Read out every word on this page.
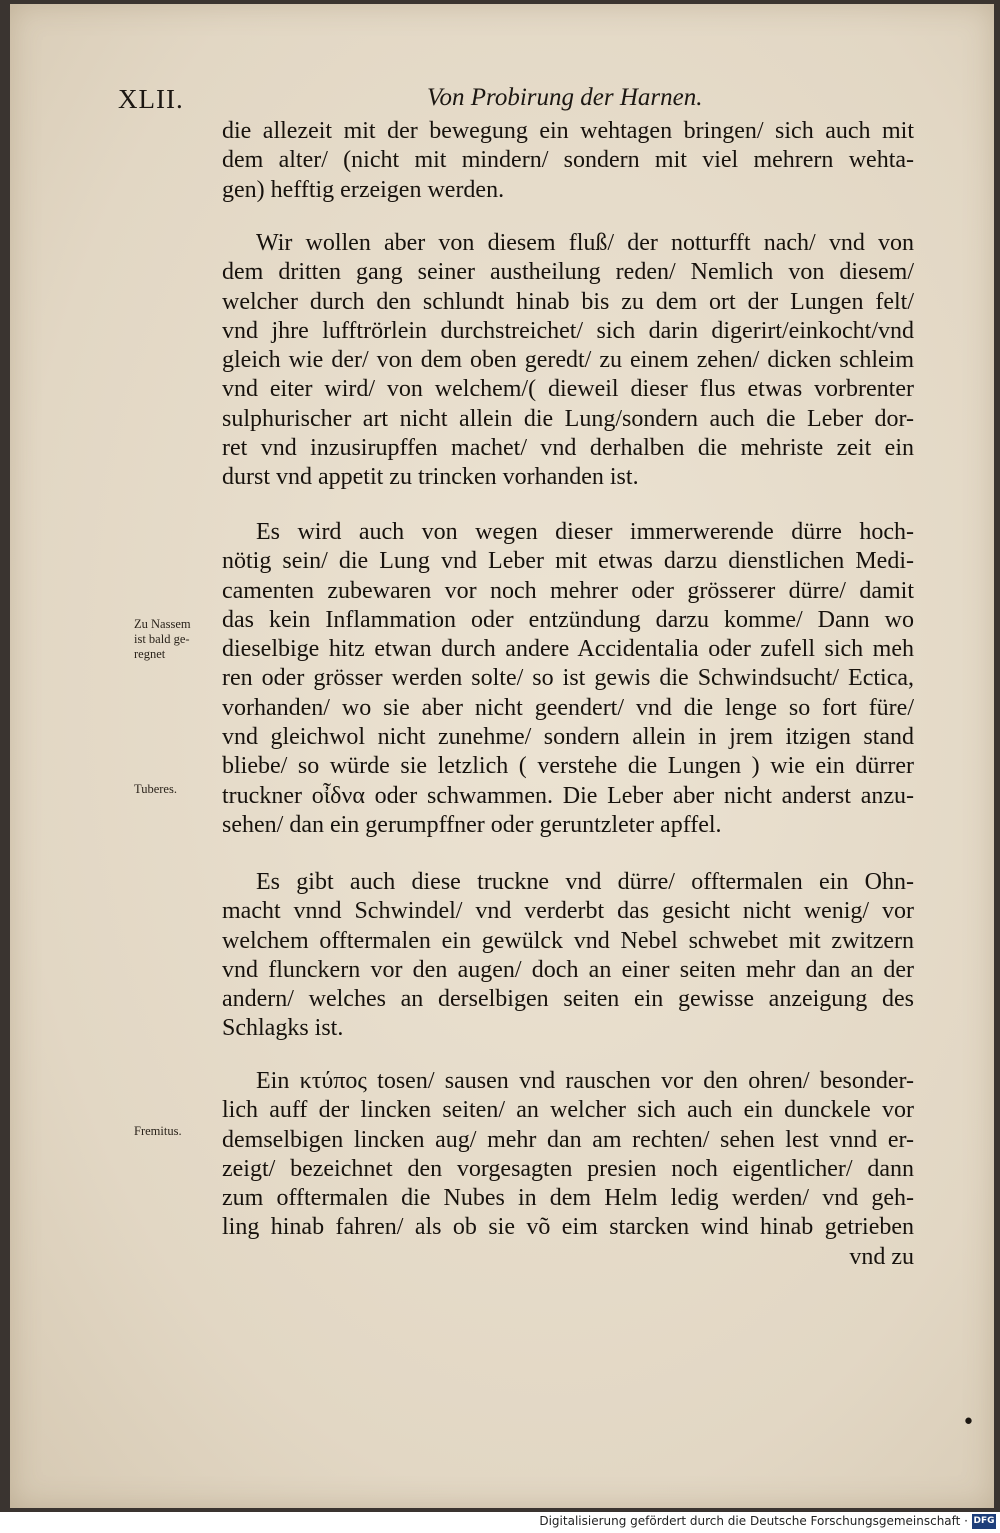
XLII.	Von Probirung der Harnen.
die allezeit mit der bewegung ein wehtagen bringen/ sich auch mit
dem alter/ (nicht mit mindern/ sondern mit viel mehrern wehta-
gen) hefftig erzeigen werden.
Wir wollen aber von diesem fluß/ der notturfft nach/ vnd von
dem dritten gang seiner austheilung reden/ Nemlich von diesem/
welcher durch den schlundt hinab bis zu dem ort der Lungen felt/
vnd jhre lufftrörlein durchstreichet/ sich darin digerirt/einkocht/vnd
gleich wie der/ von dem oben geredt/ zu einem zehen/ dicken schleim
vnd eiter wird/ von welchem/( dieweil dieser flus etwas vorbrenter
sulphurischer art nicht allein die Lung/sondern auch die Leber dor-
ret vnd inzusirupffen machet/ vnd derhalben die mehriste zeit ein
durst vnd appetit zu trincken vorhanden ist.
Es wird auch von wegen dieser immerwerende dürre hoch-
nötig sein/ die Lung vnd Leber mit etwas darzu dienstlichen Medi-
camenten zubewaren vor noch mehrer oder grösserer dürre/ damit
das kein Inflammation oder entzündung darzu komme/ Dann wo
dieselbige hitz etwan durch andere Accidentalia oder zufell sich meh
ren oder grösser werden solte/ so ist gewis die Schwindsucht/ Ectica,
vorhanden/ wo sie aber nicht geendert/ vnd die lenge so fort füre/
vnd gleichwol nicht zunehme/ sondern allein in jrem itzigen stand
bliebe/ so würde sie letzlich ( verstehe die Lungen ) wie ein dürrer
truckner οἶδνα oder schwammen. Die Leber aber nicht anderst anzu-
sehen/ dan ein gerumpffner oder geruntzleter apffel.
Es gibt auch diese truckne vnd dürre/ offtermalen ein Ohn-
macht vnnd Schwindel/ vnd verderbt das gesicht nicht wenig/ vor
welchem offtermalen ein gewülck vnd Nebel schwebet mit zwitzern
vnd flunckern vor den augen/ doch an einer seiten mehr dan an der
andern/ welches an derselbigen seiten ein gewisse anzeigung des
Schlagks ist.
Ein κτύπος tosen/ sausen vnd rauschen vor den ohren/ besonder-
lich auff der lincken seiten/ an welcher sich auch ein dunckele vor
demselbigen lincken aug/ mehr dan am rechten/ sehen lest vnnd er-
zeigt/ bezeichnet den vorgesagten presien noch eigentlicher/ dann
zum offtermalen die Nubes in dem Helm ledig werden/ vnd geh-
ling hinab fahren/ als ob sie võ eim starcken wind hinab getrieben
vnd zu
Zu Nassem
ist bald ge-
regnet
Tuberes.
Fremitus.
•
Digitalisierung gefördert durch die Deutsche Forschungsgemeinschaft · DFG
